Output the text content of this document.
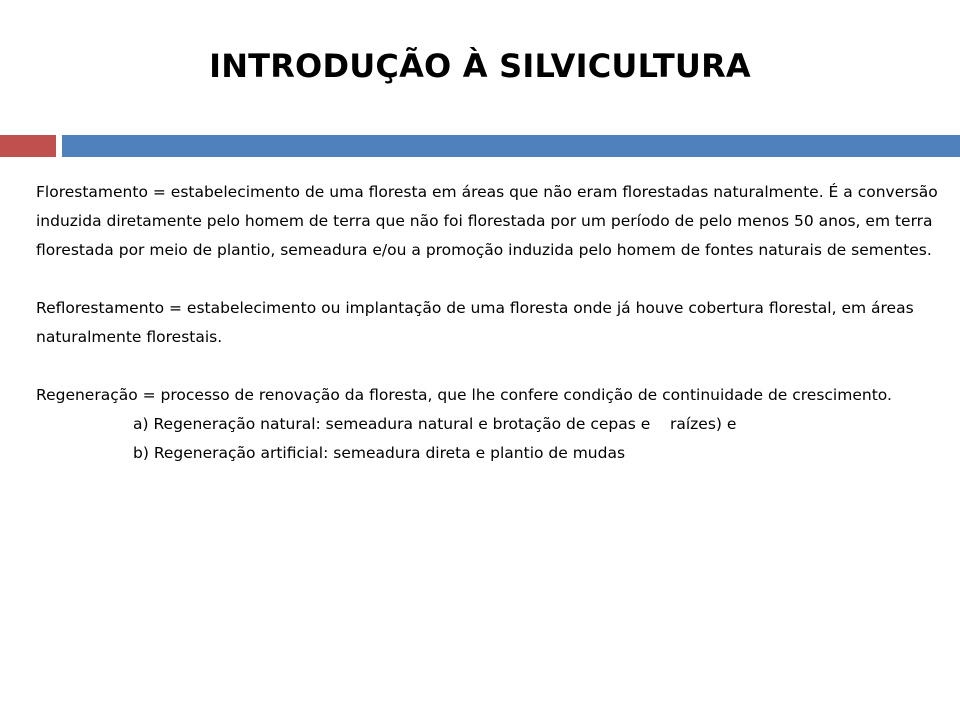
INTRODUÇÃO À SILVICULTURA

Florestamento = estabelecimento de uma floresta em áreas que não eram florestadas naturalmente. É a conversão induzida diretamente pelo homem de terra que não foi florestada por um período de pelo menos 50 anos, em terra florestada por meio de plantio, semeadura e/ou a promoção induzida pelo homem de fontes naturais de sementes.

Reflorestamento = estabelecimento ou implantação de uma floresta onde já houve cobertura florestal, em áreas naturalmente florestais.

Regeneração = processo de renovação da floresta, que lhe confere condição de continuidade de crescimento.

a) Regeneração natural: semeadura natural e brotação de cepas e    raízes) e

b) Regeneração artificial: semeadura direta e plantio de mudas
